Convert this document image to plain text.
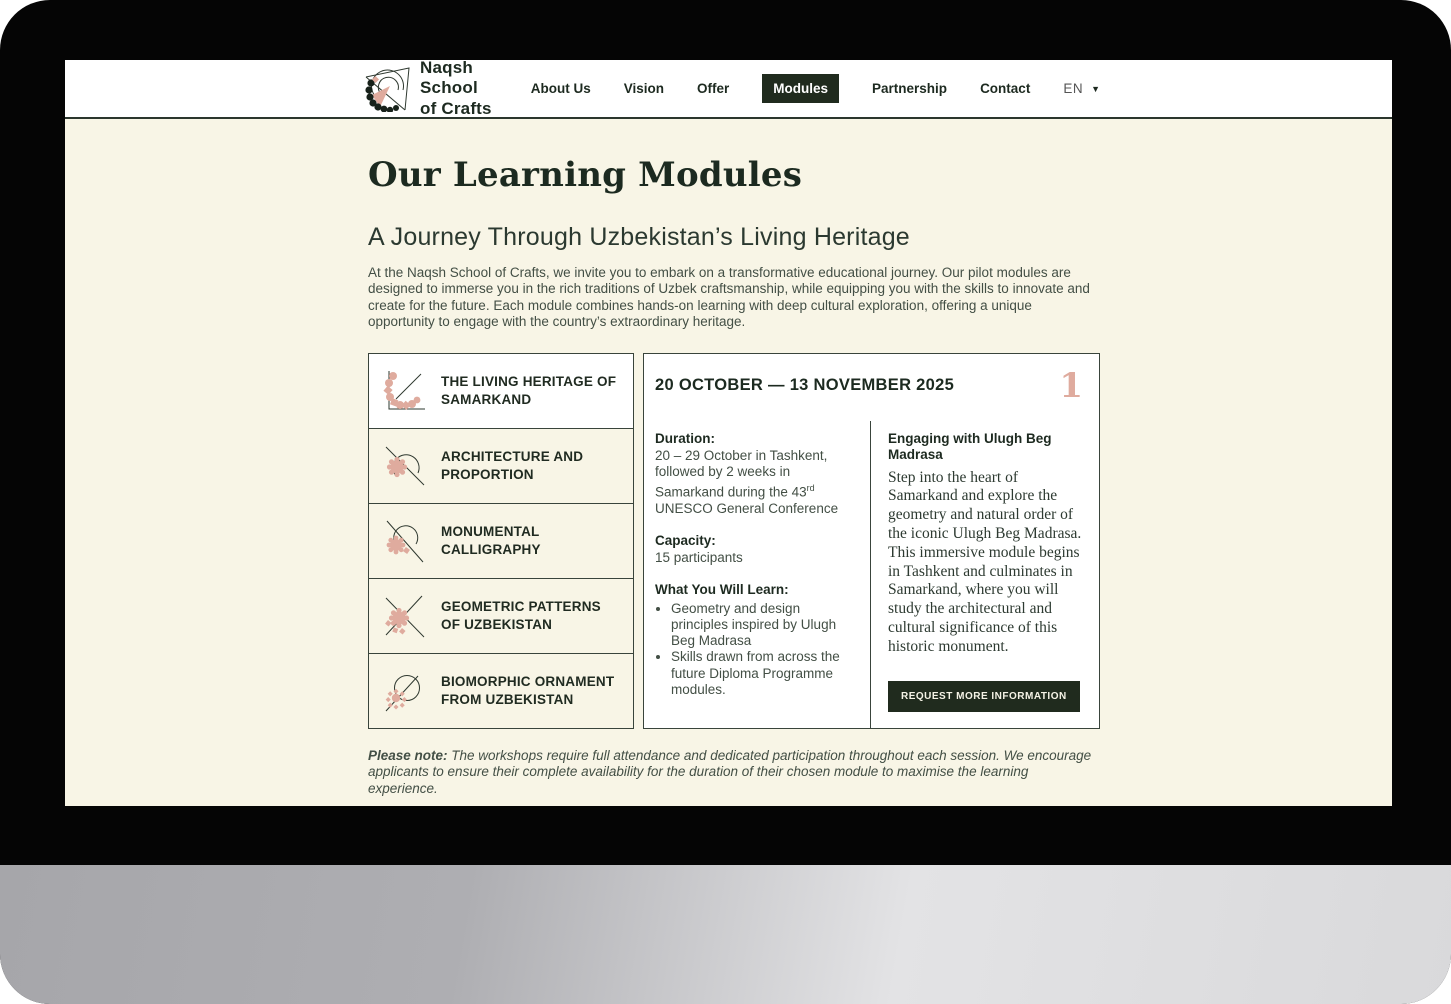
Naqsh School
of Crafts
About Us Vision Offer	Modules	Partnership Contact EN ▼
Our Learning Modules
A Journey Through Uzbekistan’s Living Heritage

At the Naqsh School of Crafts, we invite you to embark on a transformative educational journey. Our pilot modules are designed to immerse you in the rich traditions of Uzbek craftsmanship, while equipping you with the skills to innovate and create for the future. Each module combines hands-on learning with deep cultural exploration, offering a unique opportunity to engage with the country’s extraordinary heritage.

THE LIVING HERITAGE OF SAMARKAND
ARCHITECTURE AND PROPORTION
MONUMENTAL CALLIGRAPHY
GEOMETRIC PATTERNS OF UZBEKISTAN
BIOMORPHIC ORNAMENT FROM UZBEKISTAN
20 OCTOBER — 13 NOVEMBER 2025	1
Duration:
20 – 29 October in Tashkent, followed by 2 weeks in Samarkand during the 43rd UNESCO General Conference
Capacity:
15 participants
What You Will Learn:
• Geometry and design principles inspired by Ulugh Beg Madrasa
• Skills drawn from across the future Diploma Programme modules.
Engaging with Ulugh Beg Madrasa

Step into the heart of Samarkand and explore the geometry and natural order of the iconic Ulugh Beg Madrasa. This immersive module begins in Tashkent and culminates in Samarkand, where you will study the architectural and cultural significance of this historic monument.

REQUEST MORE INFORMATION

Please note: The workshops require full attendance and dedicated participation throughout each session. We encourage applicants to ensure their complete availability for the duration of their chosen module to maximise the learning experience.
